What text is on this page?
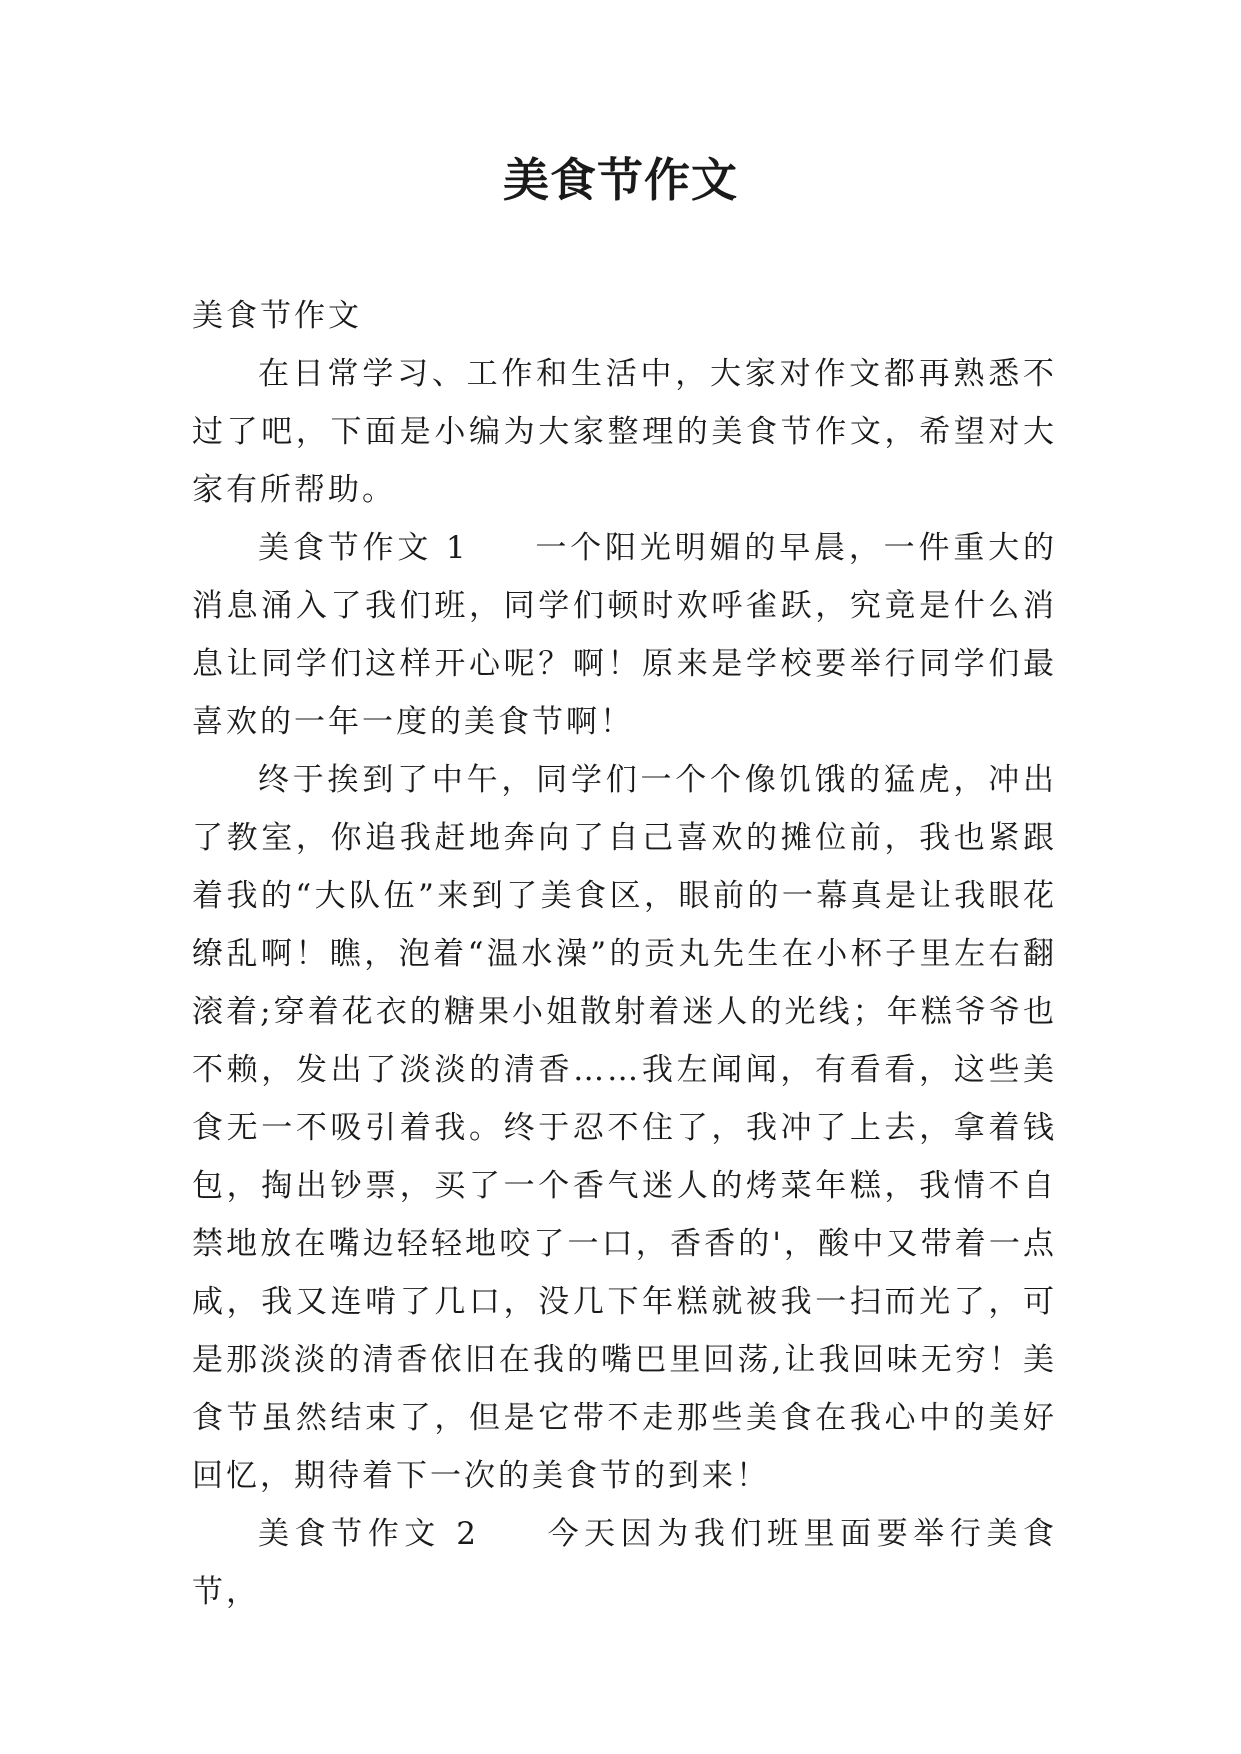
美食节作文

美食节作文

在日常学习、工作和生活中，大家对作文都再熟悉不过了吧，下面是小编为大家整理的美食节作文，希望对大家有所帮助。

美食节作文 1 一个阳光明媚的早晨，一件重大的消息涌入了我们班，同学们顿时欢呼雀跃，究竟是什么消息让同学们这样开心呢？啊！原来是学校要举行同学们最喜欢的一年一度的美食节啊！

终于挨到了中午，同学们一个个像饥饿的猛虎，冲出了教室，你追我赶地奔向了自己喜欢的摊位前，我也紧跟着我的“大队伍”来到了美食区，眼前的一幕真是让我眼花缭乱啊！瞧，泡着“温水澡”的贡丸先生在小杯子里左右翻滚着;穿着花衣的糖果小姐散射着迷人的光线；年糕爷爷也不赖，发出了淡淡的清香……我左闻闻，有看看，这些美食无一不吸引着我。终于忍不住了，我冲了上去，拿着钱包，掏出钞票，买了一个香气迷人的烤菜年糕，我情不自禁地放在嘴边轻轻地咬了一口，香香的'，酸中又带着一点咸，我又连啃了几口，没几下年糕就被我一扫而光了，可是那淡淡的清香依旧在我的嘴巴里回荡,让我回味无穷！美食节虽然结束了，但是它带不走那些美食在我心中的美好回忆，期待着下一次的美食节的到来！

美食节作文 2 今天因为我们班里面要举行美食节，
